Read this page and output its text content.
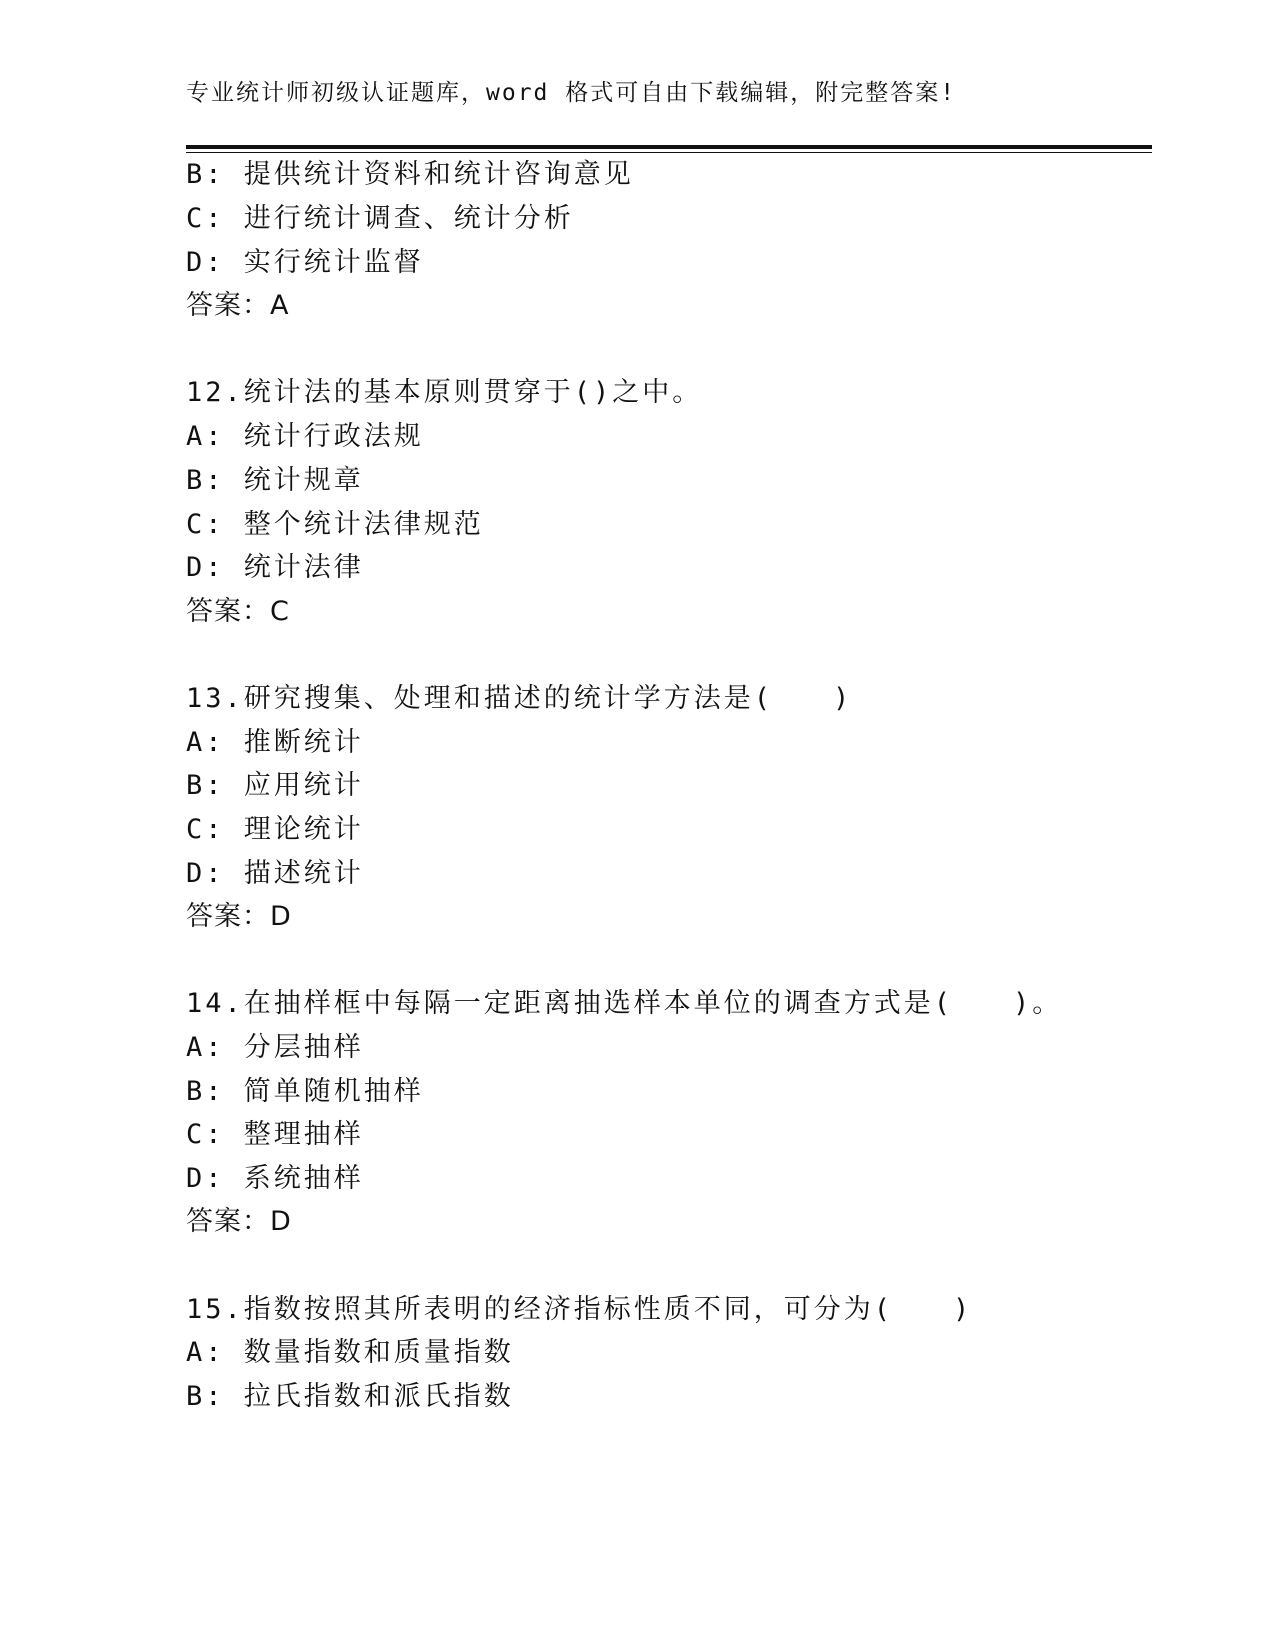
专业统计师初级认证题库，word 格式可自由下载编辑，附完整答案!
B: 提供统计资料和统计咨询意见
C: 进行统计调查、统计分析
D: 实行统计监督
答案：A
12.统计法的基本原则贯穿于()之中。
A: 统计行政法规
B: 统计规章
C: 整个统计法律规范
D: 统计法律
答案：C
13.研究搜集、处理和描述的统计学方法是(　　)
A: 推断统计
B: 应用统计
C: 理论统计
D: 描述统计
答案：D
14.在抽样框中每隔一定距离抽选样本单位的调查方式是(　　)。
A: 分层抽样
B: 简单随机抽样
C: 整理抽样
D: 系统抽样
答案：D
15.指数按照其所表明的经济指标性质不同，可分为(　　)
A: 数量指数和质量指数
B: 拉氏指数和派氏指数
